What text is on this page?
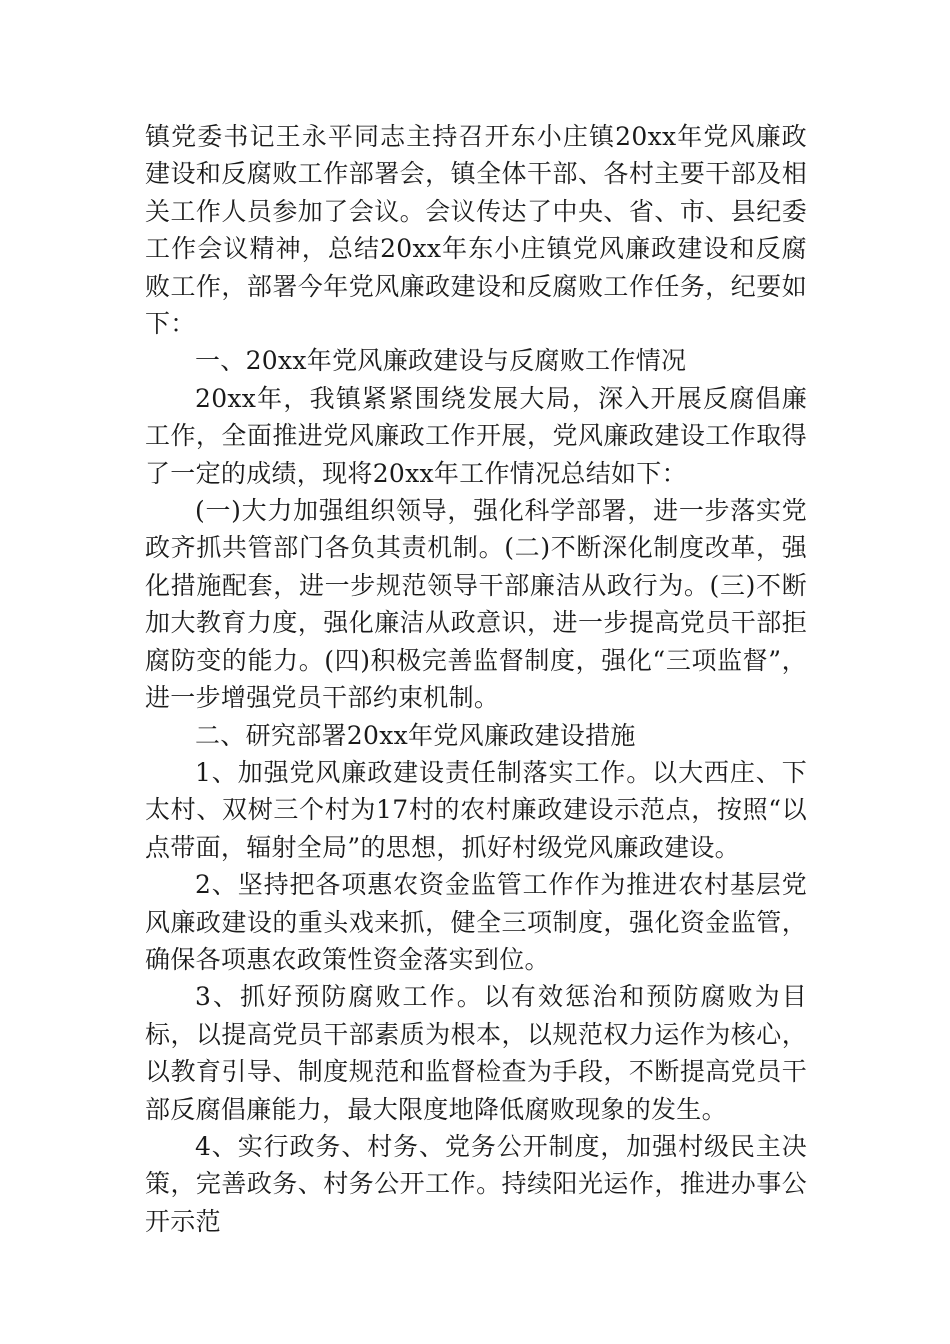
镇党委书记王永平同志主持召开东小庄镇20xx年党风廉政建设和反腐败工作部署会，镇全体干部、各村主要干部及相关工作人员参加了会议。会议传达了中央、省、市、县纪委工作会议精神，总结20xx年东小庄镇党风廉政建设和反腐败工作，部署今年党风廉政建设和反腐败工作任务，纪要如下：

一、20xx年党风廉政建设与反腐败工作情况

20xx年，我镇紧紧围绕发展大局，深入开展反腐倡廉工作，全面推进党风廉政工作开展，党风廉政建设工作取得了一定的成绩，现将20xx年工作情况总结如下：

(一)大力加强组织领导，强化科学部署，进一步落实党政齐抓共管部门各负其责机制。(二)不断深化制度改革，强化措施配套，进一步规范领导干部廉洁从政行为。(三)不断加大教育力度，强化廉洁从政意识，进一步提高党员干部拒腐防变的能力。(四)积极完善监督制度，强化“三项监督”，进一步增强党员干部约束机制。

二、研究部署20xx年党风廉政建设措施

1、加强党风廉政建设责任制落实工作。以大西庄、下太村、双树三个村为17村的农村廉政建设示范点，按照“以点带面，辐射全局”的思想，抓好村级党风廉政建设。

2、坚持把各项惠农资金监管工作作为推进农村基层党风廉政建设的重头戏来抓，健全三项制度，强化资金监管，确保各项惠农政策性资金落实到位。

3、抓好预防腐败工作。以有效惩治和预防腐败为目标，以提高党员干部素质为根本，以规范权力运作为核心，以教育引导、制度规范和监督检查为手段，不断提高党员干部反腐倡廉能力，最大限度地降低腐败现象的发生。

4、实行政务、村务、党务公开制度，加强村级民主决策，完善政务、村务公开工作。持续阳光运作，推进办事公开示范
